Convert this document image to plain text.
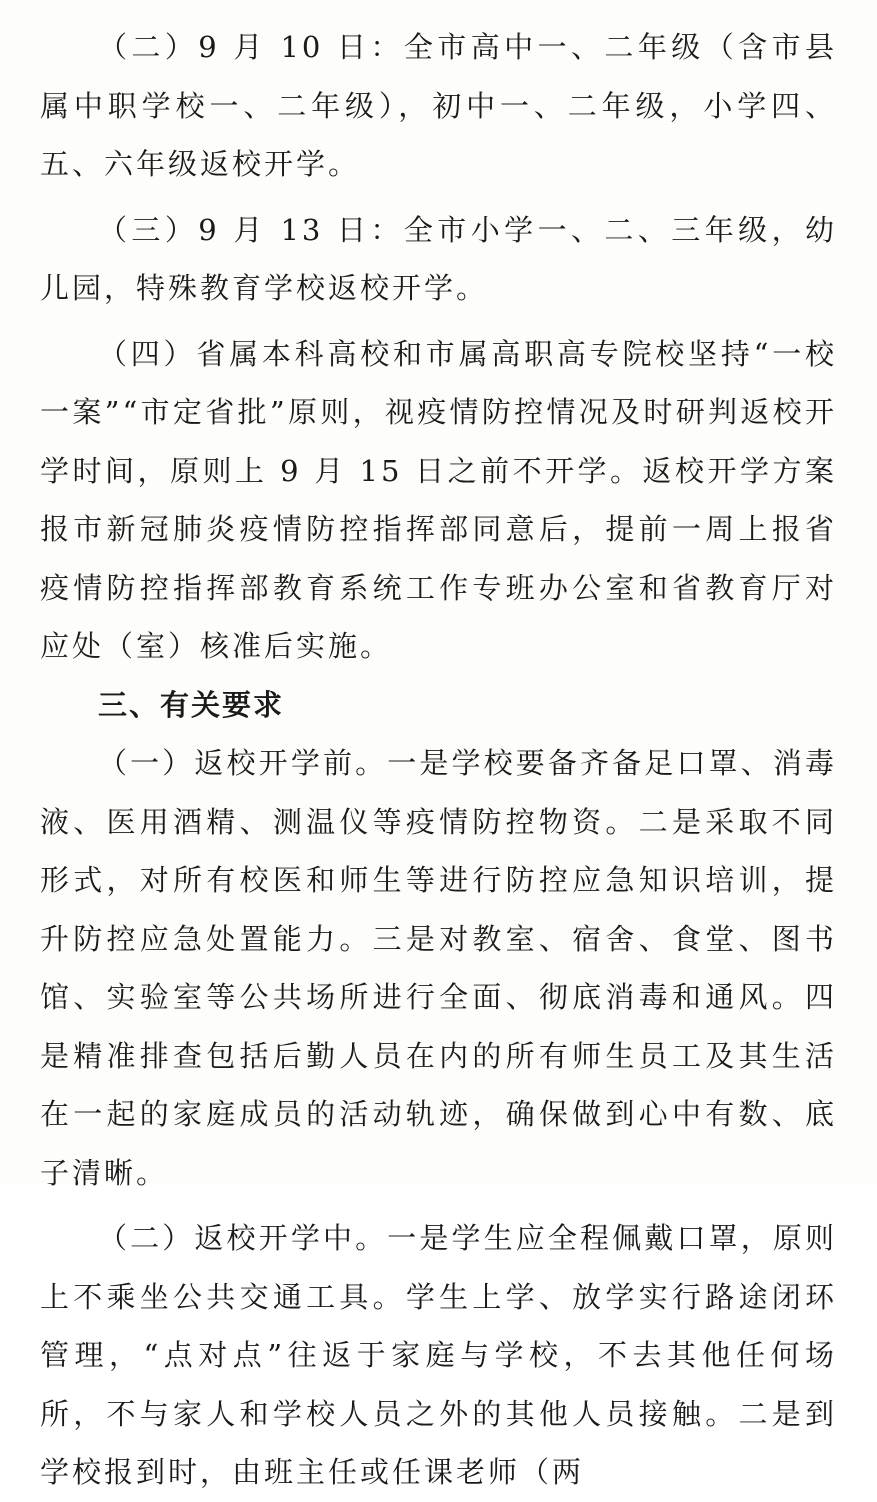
（二）9 月 10 日：全市高中一、二年级（含市县属中职学校一、二年级），初中一、二年级，小学四、五、六年级返校开学。

（三）9 月 13 日：全市小学一、二、三年级，幼儿园，特殊教育学校返校开学。

（四）省属本科高校和市属高职高专院校坚持“一校一案”“市定省批”原则，视疫情防控情况及时研判返校开学时间，原则上 9 月 15 日之前不开学。返校开学方案报市新冠肺炎疫情防控指挥部同意后，提前一周上报省疫情防控指挥部教育系统工作专班办公室和省教育厅对应处（室）核准后实施。

三、有关要求

（一）返校开学前。一是学校要备齐备足口罩、消毒液、医用酒精、测温仪等疫情防控物资。二是采取不同形式，对所有校医和师生等进行防控应急知识培训，提升防控应急处置能力。三是对教室、宿舍、食堂、图书馆、实验室等公共场所进行全面、彻底消毒和通风。四是精准排查包括后勤人员在内的所有师生员工及其生活在一起的家庭成员的活动轨迹，确保做到心中有数、底子清晰。

（二）返校开学中。一是学生应全程佩戴口罩，原则上不乘坐公共交通工具。学生上学、放学实行路途闭环管理，“点对点”往返于家庭与学校，不去其他任何场所，不与家人和学校人员之外的其他人员接触。二是到学校报到时，由班主任或任课老师（两
